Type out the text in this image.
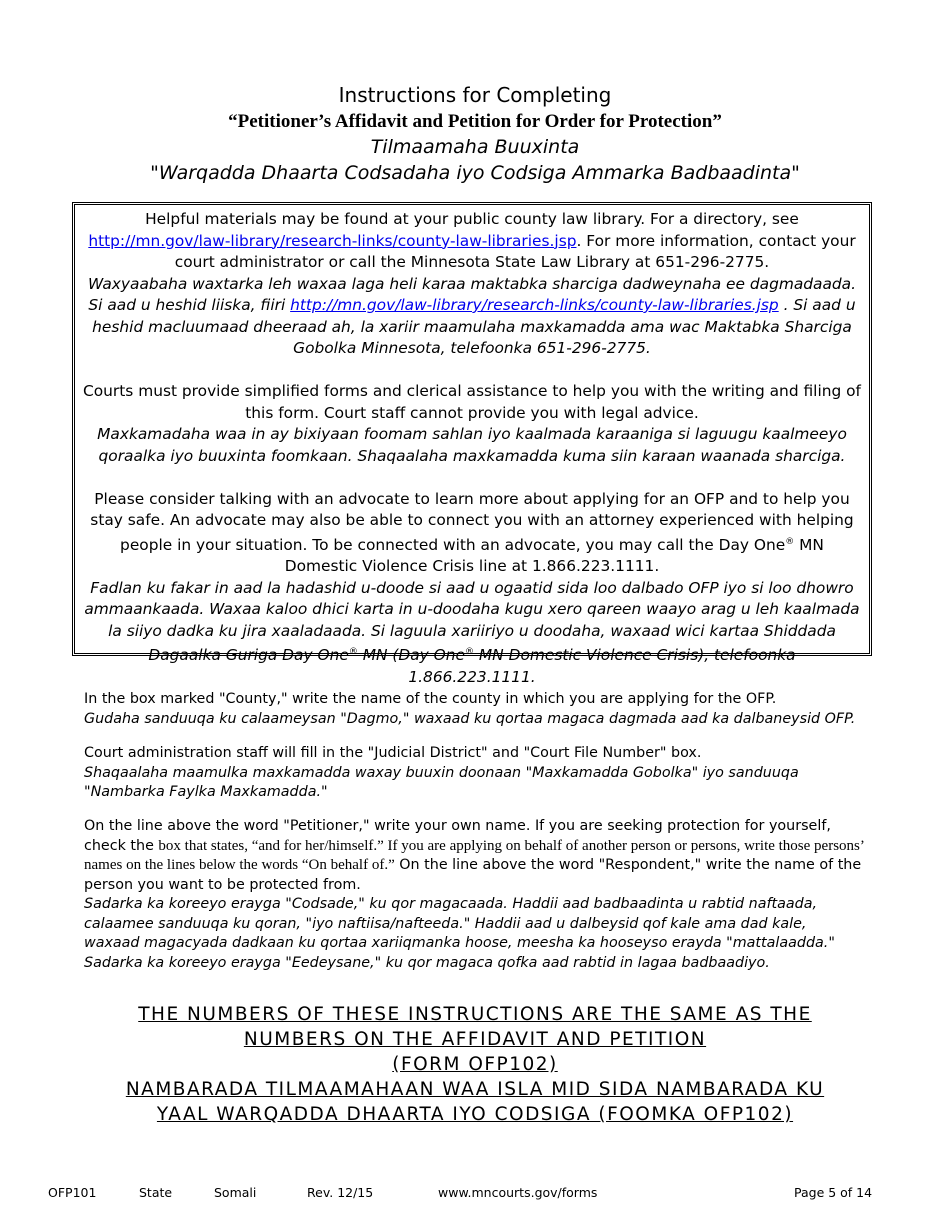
Instructions for Completing
“Petitioner’s Affidavit and Petition for Order for Protection”
Tilmaamaha Buuxinta
"Warqadda Dhaarta Codsadaha iyo Codsiga Ammarka Badbaadinta"

Helpful materials may be found at your public county law library. For a directory, see
http://mn.gov/law-library/research-links/county-law-libraries.jsp. For more information, contact your court administrator or call the Minnesota State Law Library at 651-296-2775.

Waxyaabaha waxtarka leh waxaa laga heli karaa maktabka sharciga dadweynaha ee dagmadaada. Si aad u heshid liiska, fiiri http://mn.gov/law-library/research-links/county-law-libraries.jsp . Si aad u heshid macluumaad dheeraad ah, la xariir maamulaha maxkamadda ama wac Maktabka Sharciga Gobolka Minnesota, telefoonka 651-296-2775.

Courts must provide simplified forms and clerical assistance to help you with the writing and filing of this form. Court staff cannot provide you with legal advice.

Maxkamadaha waa in ay bixiyaan foomam sahlan iyo kaalmada karaaniga si laguugu kaalmeeyo qoraalka iyo buuxinta foomkaan. Shaqaalaha maxkamadda kuma siin karaan waanada sharciga.

Please consider talking with an advocate to learn more about applying for an OFP and to help you stay safe. An advocate may also be able to connect you with an attorney experienced with helping people in your situation. To be connected with an advocate, you may call the Day One® MN Domestic Violence Crisis line at 1.866.223.1111.

Fadlan ku fakar in aad la hadashid u-doode si aad u ogaatid sida loo dalbado OFP iyo si loo dhowro ammaankaada. Waxaa kaloo dhici karta in u-doodaha kugu xero qareen waayo arag u leh kaalmada la siiyo dadka ku jira xaaladaada. Si laguula xariiriyo u doodaha, waxaad wici kartaa Shiddada Dagaalka Guriga Day One® MN (Day One® MN Domestic Violence Crisis), telefoonka 1.866.223.1111.

In the box marked "County," write the name of the county in which you are applying for the OFP.

Gudaha sanduuqa ku calaameysan "Dagmo," waxaad ku qortaa magaca dagmada aad ka dalbaneysid OFP.

Court administration staff will fill in the "Judicial District" and "Court File Number" box.

Shaqaalaha maamulka maxkamadda waxay buuxin doonaan "Maxkamadda Gobolka" iyo sanduuqa "Nambarka Faylka Maxkamadda."

On the line above the word "Petitioner," write your own name. If you are seeking protection for yourself, check the box that states, “and for her/himself.” If you are applying on behalf of another person or persons, write those persons’ names on the lines below the words “On behalf of.” On the line above the word "Respondent," write the name of the person you want to be protected from.

Sadarka ka koreeyo erayga "Codsade," ku qor magacaada. Haddii aad badbaadinta u rabtid naftaada, calaamee sanduuqa ku qoran, "iyo naftiisa/nafteeda." Haddii aad u dalbeysid qof kale ama dad kale, waxaad magacyada dadkaan ku qortaa xariiqmanka hoose, meesha ka hooseyso erayda "mattalaadda." Sadarka ka koreeyo erayga "Eedeysane," ku qor magaca qofka aad rabtid in lagaa badbaadiyo.

THE NUMBERS OF THESE INSTRUCTIONS ARE THE SAME AS THE
NUMBERS ON THE AFFIDAVIT AND PETITION
(FORM OFP102)
NAMBARADA TILMAAMAHAAN WAA ISLA MID SIDA NAMBARADA KU
YAAL WARQADDA DHAARTA IYO CODSIGA (FOOMKA OFP102)
OFP101	State	Somali	Rev. 12/15	www.mncourts.gov/forms	Page 5 of 14
